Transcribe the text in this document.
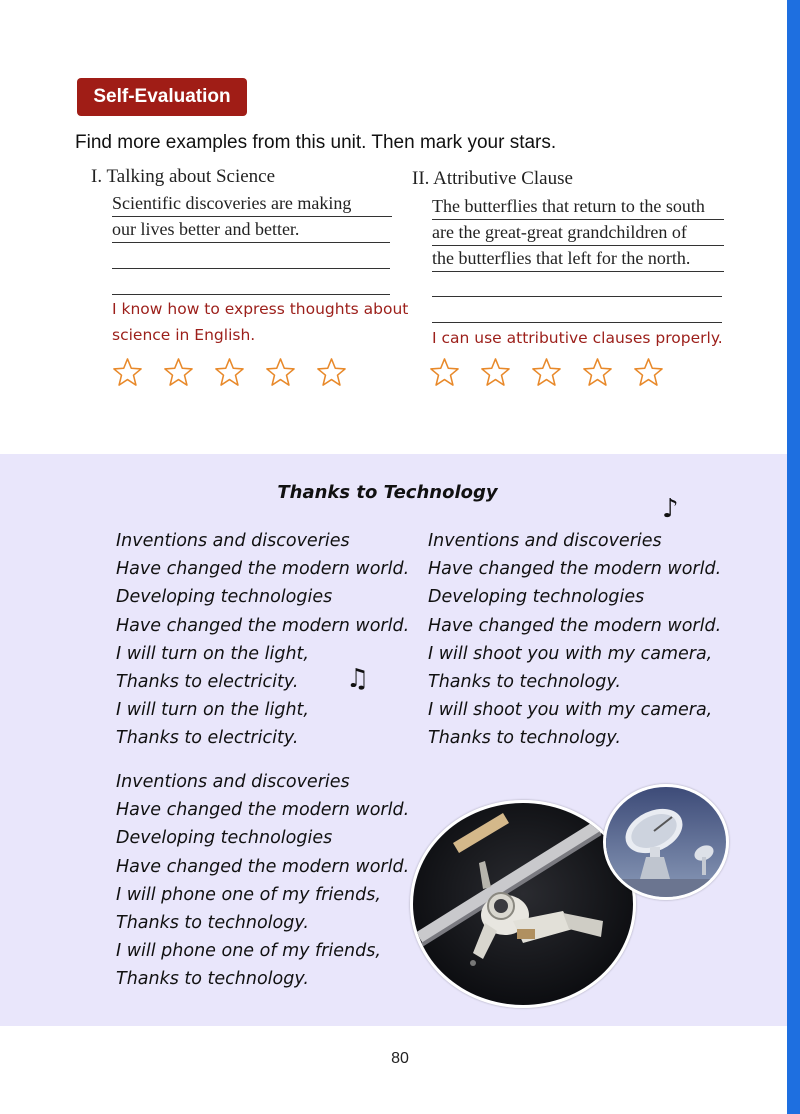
Self-Evaluation
Find more examples from this unit. Then mark your stars.
I. Talking about Science
Scientific discoveries are making
our lives better and better.
I know how to express thoughts about
science in English.
II. Attributive Clause
The butterflies that return to the south
are the great-great grandchildren of
the butterflies that left for the north.
I can use attributive clauses properly.
Thanks to Technology
♪
♫
Inventions and discoveries
Have changed the modern world.
Developing technologies
Have changed the modern world.
I will turn on the light,
Thanks to electricity.
I will turn on the light,
Thanks to electricity.
Inventions and discoveries
Have changed the modern world.
Developing technologies
Have changed the modern world.
I will shoot you with my camera,
Thanks to technology.
I will shoot you with my camera,
Thanks to technology.
Inventions and discoveries
Have changed the modern world.
Developing technologies
Have changed the modern world.
I will phone one of my friends,
Thanks to technology.
I will phone one of my friends,
Thanks to technology.
80
